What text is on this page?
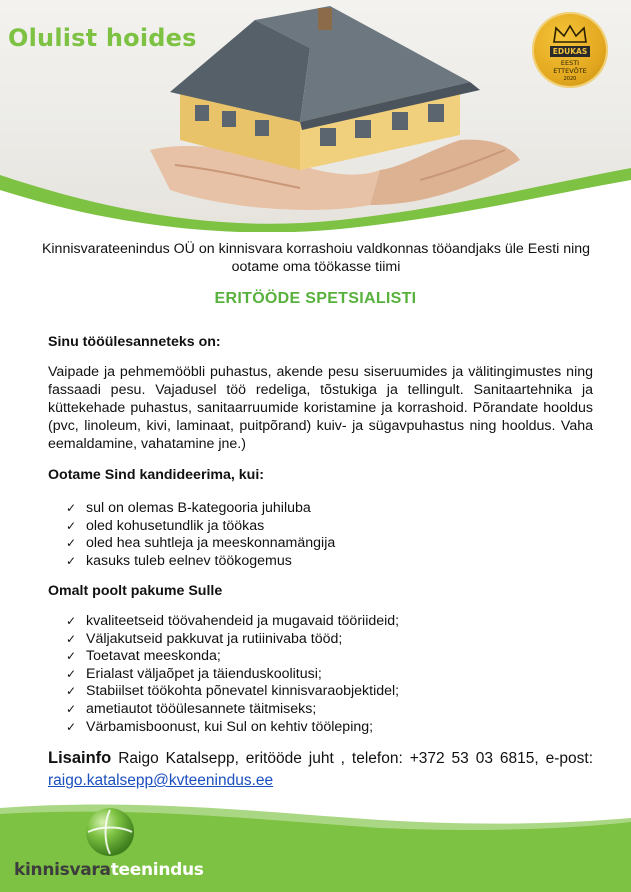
Olulist hoides	EDUKAS
EESTI
ETTEVÕTE
2020
Kinnisvarateenindus OÜ on kinnisvara korrashoiu valdkonnas tööandjaks üle Eesti ning ootame oma töökasse tiimi
ERITÖÖDE SPETSIALISTI
Sinu tööülesanneteks on:
Vaipade ja pehmemööbli puhastus, akende pesu siseruumides ja välitingimustes ning fassaadi pesu. Vajadusel töö redeliga, tõstukiga ja tellingult. Sanitaartehnika ja küttekehade puhastus, sanitaarruumide koristamine ja korrashoid. Põrandate hooldus (pvc, linoleum, kivi, laminaat, puitpõrand) kuiv- ja sügavpuhastus ning hooldus. Vaha eemaldamine, vahatamine jne.)
Ootame Sind kandideerima, kui:
✓ sul on olemas B-kategooria juhiluba
✓ oled kohusetundlik ja töökas
✓ oled hea suhtleja ja meeskonnamängija
✓ kasuks tuleb eelnev töökogemus
Omalt poolt pakume Sulle
✓ kvaliteetseid töövahendeid ja mugavaid tööriideid;
✓ Väljakutseid pakkuvat ja rutiinivaba tööd;
✓ Toetavat meeskonda;
✓ Erialast väljaõpet ja täienduskoolitusi;
✓ Stabiilset töökohta põnevatel kinnisvaraobjektidel;
✓ ametiautot tööülesannete täitmiseks;
✓ Värbamisboonust, kui Sul on kehtiv tööleping;
Lisainfo Raigo Katalsepp, eritööde juht , telefon: +372 53 03 6815, e-post: raigo.katalsepp@kvteenindus.ee
kinnisvarateenindus
